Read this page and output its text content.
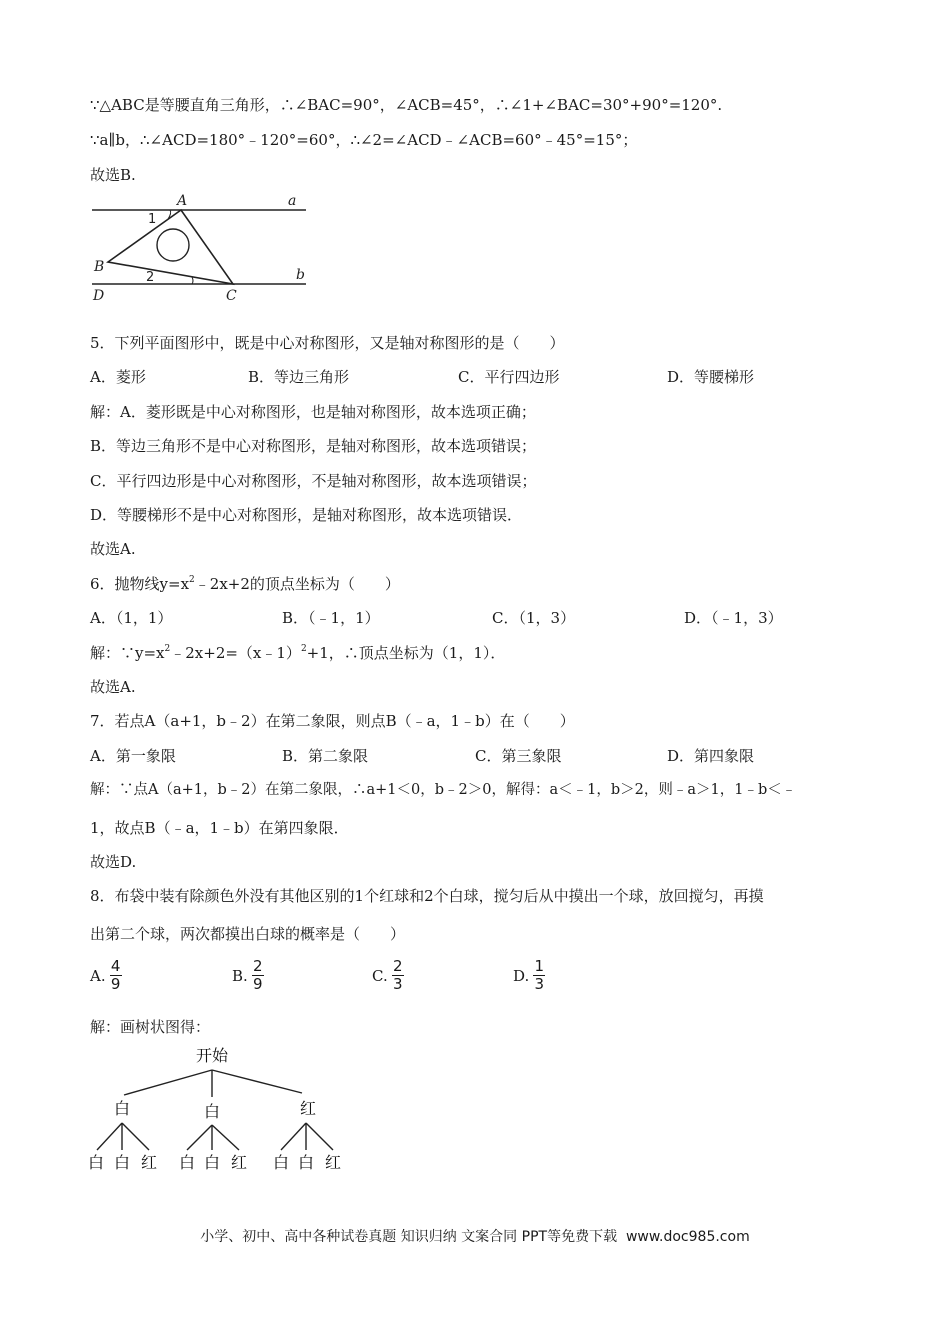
∵△ABC是等腰直角三角形，∴∠BAC=90°，∠ACB=45°，∴∠1+∠BAC=30°+90°=120°.
∵a∥b，∴∠ACD=180°﹣120°=60°，∴∠2=∠ACD﹣∠ACB=60°﹣45°=15°；
故选B.
A	a
1
B
2	b
D	C
5．下列平面图形中，既是中心对称图形，又是轴对称图形的是（　　）
A．菱形	B．等边三角形	C．平行四边形	D．等腰梯形
解：A．菱形既是中心对称图形，也是轴对称图形，故本选项正确；
B．等边三角形不是中心对称图形，是轴对称图形，故本选项错误；
C．平行四边形是中心对称图形，不是轴对称图形，故本选项错误；
D．等腰梯形不是中心对称图形，是轴对称图形，故本选项错误．
故选A.
6．抛物线$y=x^2﹣2x+2$的顶点坐标为（　　）
A．（1，1）	B．（﹣1，1）	C．（1，3）	D．（﹣1，3）
解：$\because y=x^2﹣2x+2=(x﹣1)^2+1$，∴顶点坐标为（1，1）．
故选A.
7．若点A（a+1，b﹣2）在第二象限，则点B（﹣a，1﹣b）在（　　）
A．第一象限	B．第二象限	C．第三象限	D．第四象限
解：∵点A（a+1，b﹣2）在第二象限，∴a+1＜0，b﹣2＞0，解得：a＜﹣1，b＞2，则﹣a＞1，1﹣b＜﹣
1，故点B（﹣a，1﹣b）在第四象限．
故选D.
8．布袋中装有除颜色外没有其他区别的1个红球和2个白球，搅匀后从中摸出一个球，放回搅匀，再摸
出第二个球，两次都摸出白球的概率是（　　）
A.
4
9	B.
2
9	C.
2
3	D.
1
3
解：画树状图得：
开始
白	白	红
白 白 红 白 白 红 白 白 红
小学、初中、高中各种试卷真题 知识归纳 文案合同 PPT等免费下载  www.doc985.com
